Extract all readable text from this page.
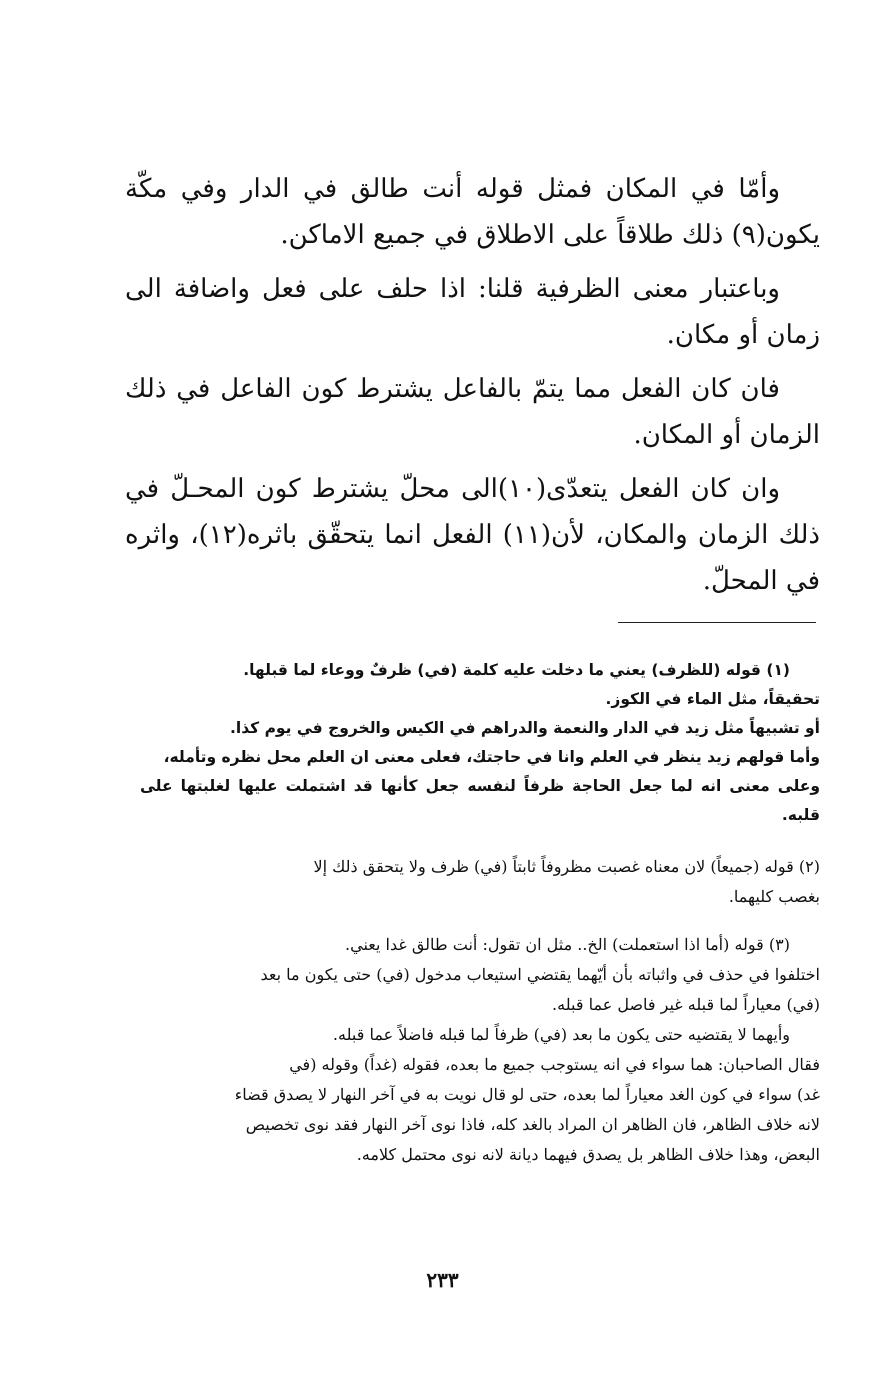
وأمّا في المكان فمثل قوله أنت طالق في الدار وفي مكّة يكون(٩) ذلك طلاقاً على الاطلاق في جميع الاماكن.

وباعتبار معنى الظرفية قلنا: اذا حلف على فعل واضافة الى زمان أو مكان.

فان كان الفعل مما يتمّ بالفاعل يشترط كون الفاعل في ذلك الزمان أو المكان.

وان كان الفعل يتعدّى(١٠)الى محلّ يشترط كون المحـلّ في ذلك الزمان والمكان، لأن(١١) الفعل انما يتحقّق باثره(١٢)، واثره في المحلّ.

(١) قوله (للظرف) يعني ما دخلت عليه كلمة (في) ظرفٌ ووعاء لما قبلها.
تحقيقاً، مثل الماء في الكوز.
أو تشبيهاً مثل زيد في الدار والنعمة والدراهم في الكيس والخروج في يوم كذا.
وأما قولهم زيد ينظر في العلم وانا في حاجتك، فعلى معنى ان العلم محل نظره وتأمله،
وعلى معنى انه لما جعل الحاجة ظرفاً لنفسه جعل كأنها قد اشتملت عليها لغلبتها على قلبه.
(٢) قوله (جميعاً) لان معناه غصبت مظروفاً ثابتاً (في) ظرف ولا يتحقق ذلك إلا
بغصب كليهما.
(٣) قوله (أما اذا استعملت) الخ.. مثل ان تقول: أنت طالق غدا يعني.
اختلفوا في حذف في واثباته بأن أيّهما يقتضي استيعاب مدخول (في) حتى يكون ما بعد
(في) معياراً لما قبله غير فاصل عما قبله.
وأيهما لا يقتضيه حتى يكون ما بعد (في) ظرفاً لما قبله فاضلاً عما قبله.
فقال الصاحبان: هما سواء في انه يستوجب جميع ما بعده، فقوله (غداً) وقوله (في
غد) سواء في كون الغد معياراً لما بعده، حتى لو قال نويت به في آخر النهار لا يصدق قضاء
لانه خلاف الظاهر، فان الظاهر ان المراد بالغد كله، فاذا نوى آخر النهار فقد نوى تخصيص
البعض، وهذا خلاف الظاهر بل يصدق فيهما ديانة لانه نوى محتمل كلامه.
٢٣٣
